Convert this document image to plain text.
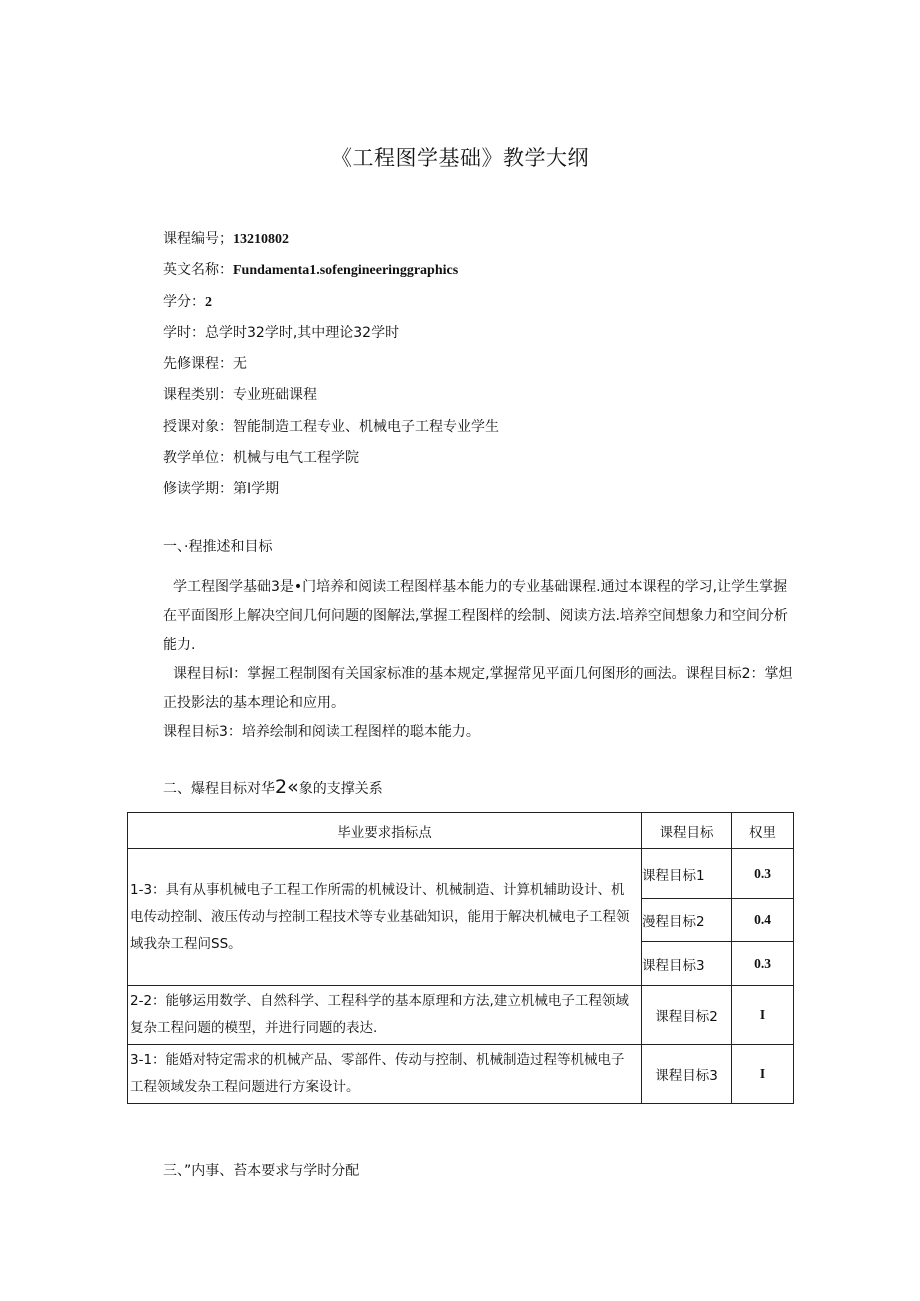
《工程图学基础》教学大纲
课程编号；13210802
英文名称：Fundamenta1.sofengineeringgraphics
学分：2
学时：总学时32学时,其中理论32学时
先修课程：无
课程类别：专业班础课程
授课对象：智能制造工程专业、机械电子工程专业学生
教学单位：机械与电气工程学院
修读学期：第I学期
一、·程推述和目标

学工程图学基础3是•门培养和阅读工程图样基本能力的专业基础课程.通过本课程的学习,让学生掌握在平面图形上解决空间几何问题的图解法,掌握工程图样的绘制、阅读方法.培养空间想象力和空间分析能力.

课程目标I：掌握工程制图有关国家标准的基本规定,掌握常见平面几何图形的画法。课程目标2：掌炟正投影法的基本理论和应用。

课程目标3：培养绘制和阅读工程图样的聪本能力。

二、爆程目标对华2«象的支撑关系
毕业要求指标点	课程目标	权里
1-3：具有从事机械电子工程工作所需的机械设计、机械制造、计算机辅助设计、机电传动控制、液压传动与控制工程技术等专业基础知识，能用于解决机械电子工程领域我杂工程问SS。	课程目标1	0.3
	漫程目标2	0.4
	课程目标3	0.3
2-2：能够运用数学、自然科学、工程科学的基本原理和方法,建立机械电子工程领域复杂工程问题的模型，并进行同题的表达.	课程目标2	I
3-1：能婚对特定需求的机械产品、零部件、传动与控制、机械制造过程等机械电子工程领域发杂工程问题进行方案设计。	课程目标3	I
三、”内事、苔本要求与学时分配
